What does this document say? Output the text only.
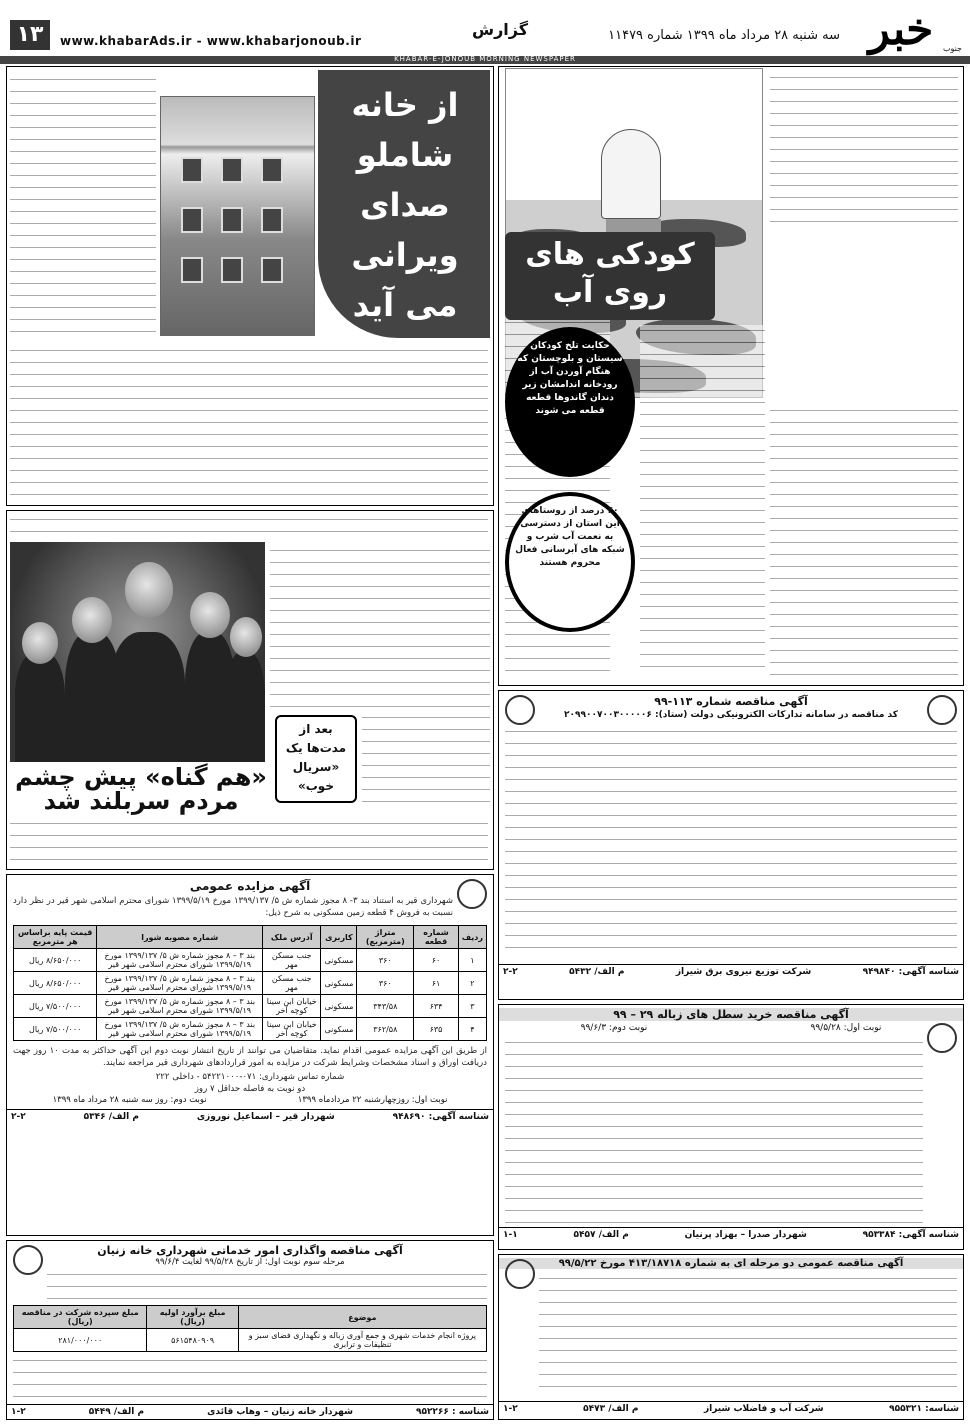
خبر	جنوب
سه شنبه ۲۸ مرداد ماه ۱۳۹۹ شماره ۱۱۴۷۹
گزارش
www.khabarAds.ir - www.khabarjonoub.ir
۱۳
KHABAR-E-JONOUB MORNING NEWSPAPER
کودکی های روی آب
حکایت تلخ کودکان سیستان و بلوچستان که هنگام آوردن آب از رودخانه اندامشان زیر دندان گاندوها قطعه قطعه می شوند
۴۰ درصد از روستاهای این استان از دسترسی به نعمت آب شرب و شبکه های آبرسانی فعال محروم هستند
از خانه شاملو صدای ویرانی می آید
بعد از مدت‌ها یک «سریال خوب»
«هم گناه» پیش چشم مردم سربلند شد
آگهی مناقصه شماره ۱۱۳-۹۹
کد مناقصه در سامانه تدارکات الکترونیکی دولت (ستاد): ۲۰۹۹۰۰۷۰۰۳۰۰۰۰۰۶
شناسه آگهی: ۹۴۹۸۴۰
شرکت توزیع نیروی برق شیراز
م الف/ ۵۴۳۲
۲-۲
آگهی مناقصه خرید سطل های زباله ۲۹ – ۹۹
نوبت اول: ۹۹/۵/۲۸
نوبت دوم: ۹۹/۶/۳
شناسه آگهی: ۹۵۳۳۸۴
شهردار صدرا – بهزاد پرنیان
م الف/ ۵۴۵۷
۱-۱
آگهی مزایده عمومی
شهرداری قیر به استناد بند ۳- ۸ مجوز شماره ش ۵/ ۱۳۹۹/۱۳۷ مورخ ۱۳۹۹/۵/۱۹ شورای محترم اسلامی شهر قیر در نظر دارد نسبت به فروش ۴ قطعه زمین مسکونی به شرح ذیل:
ردیف	شماره قطعه	متراژ (مترمربع)	کاربری	آدرس ملک	شماره مصوبه شورا	قیمت پایه براساس هر مترمربع
۱	۶۰	۳۶۰	مسکونی	جنب مسکن مهر	بند ۳ – ۸ مجوز شماره ش ۵/ ۱۳۹۹/۱۳۷ مورخ ۱۳۹۹/۵/۱۹ شورای محترم اسلامی شهر قیر	۸/۶۵۰/۰۰۰ ریال
۲	۶۱	۳۶۰	مسکونی	جنب مسکن مهر	بند ۳ – ۸ مجوز شماره ش ۵/ ۱۳۹۹/۱۳۷ مورخ ۱۳۹۹/۵/۱۹ شورای محترم اسلامی شهر قیر	۸/۶۵۰/۰۰۰ ریال
۳	۶۳۴	۳۴۳/۵۸	مسکونی	خیابان ابن سینا کوچه آخر	بند ۳ – ۸ مجوز شماره ش ۵/ ۱۳۹۹/۱۳۷ مورخ ۱۳۹۹/۵/۱۹ شورای محترم اسلامی شهر قیر	۷/۵۰۰/۰۰۰ ریال
۴	۶۳۵	۳۶۲/۵۸	مسکونی	خیابان ابن سینا کوچه آخر	بند ۳ – ۸ مجوز شماره ش ۵/ ۱۳۹۹/۱۳۷ مورخ ۱۳۹۹/۵/۱۹ شورای محترم اسلامی شهر قیر	۷/۵۰۰/۰۰۰ ریال
از طریق این آگهی مزایده عمومی اقدام نماید. متقاضیان می توانند از تاریخ انتشار نوبت دوم این آگهی حداکثر به مدت ۱۰ روز جهت دریافت اوراق و اسناد مشخصات وشرایط شرکت در مزایده به امور قراردادهای شهرداری قیر مراجعه نمایند.
شماره تماس شهرداری: ۰۷۱-۵۴۲۲۱۰۰۰ - داخلی ۲۲۲
دو نوبت به فاصله حداقل ۷ روز
نوبت اول: روزچهارشنبه ۲۲ مردادماه ۱۳۹۹
نوبت دوم: روز سه شنبه ۲۸ مرداد ماه ۱۳۹۹
شناسه آگهی: ۹۴۸۶۹۰
شهردار قیر – اسماعیل نوروزی
م الف/ ۵۳۴۶
۲-۲
آگهی مناقصه عمومی دو مرحله ای به شماره ۴۱۳/۱۸۷۱۸ مورخ ۹۹/۵/۲۲
شناسه: ۹۵۵۳۲۱
شرکت آب و فاضلاب شیراز
م الف/ ۵۴۷۳
۱-۲
آگهی مناقصه واگذاری امور خدماتی شهرداری خانه زنیان
مرحله سوم نوبت اول: از تاریخ ۹۹/۵/۲۸ لغایت ۹۹/۶/۴
موضوع	مبلغ برآورد اولیه (ریال)	مبلغ سپرده شرکت در مناقصه (ریال)
پروژه انجام خدمات شهری و جمع آوری زباله و نگهداری فضای سبز و تنظیفات و ترابری	۵۶۱۵۴۸۰۹۰۹	۲۸۱/۰۰۰/۰۰۰
شناسه : ۹۵۲۲۶۶
شهردار خانه زنیان – وهاب قائدی
م الف/ ۵۴۴۹
۱-۲
